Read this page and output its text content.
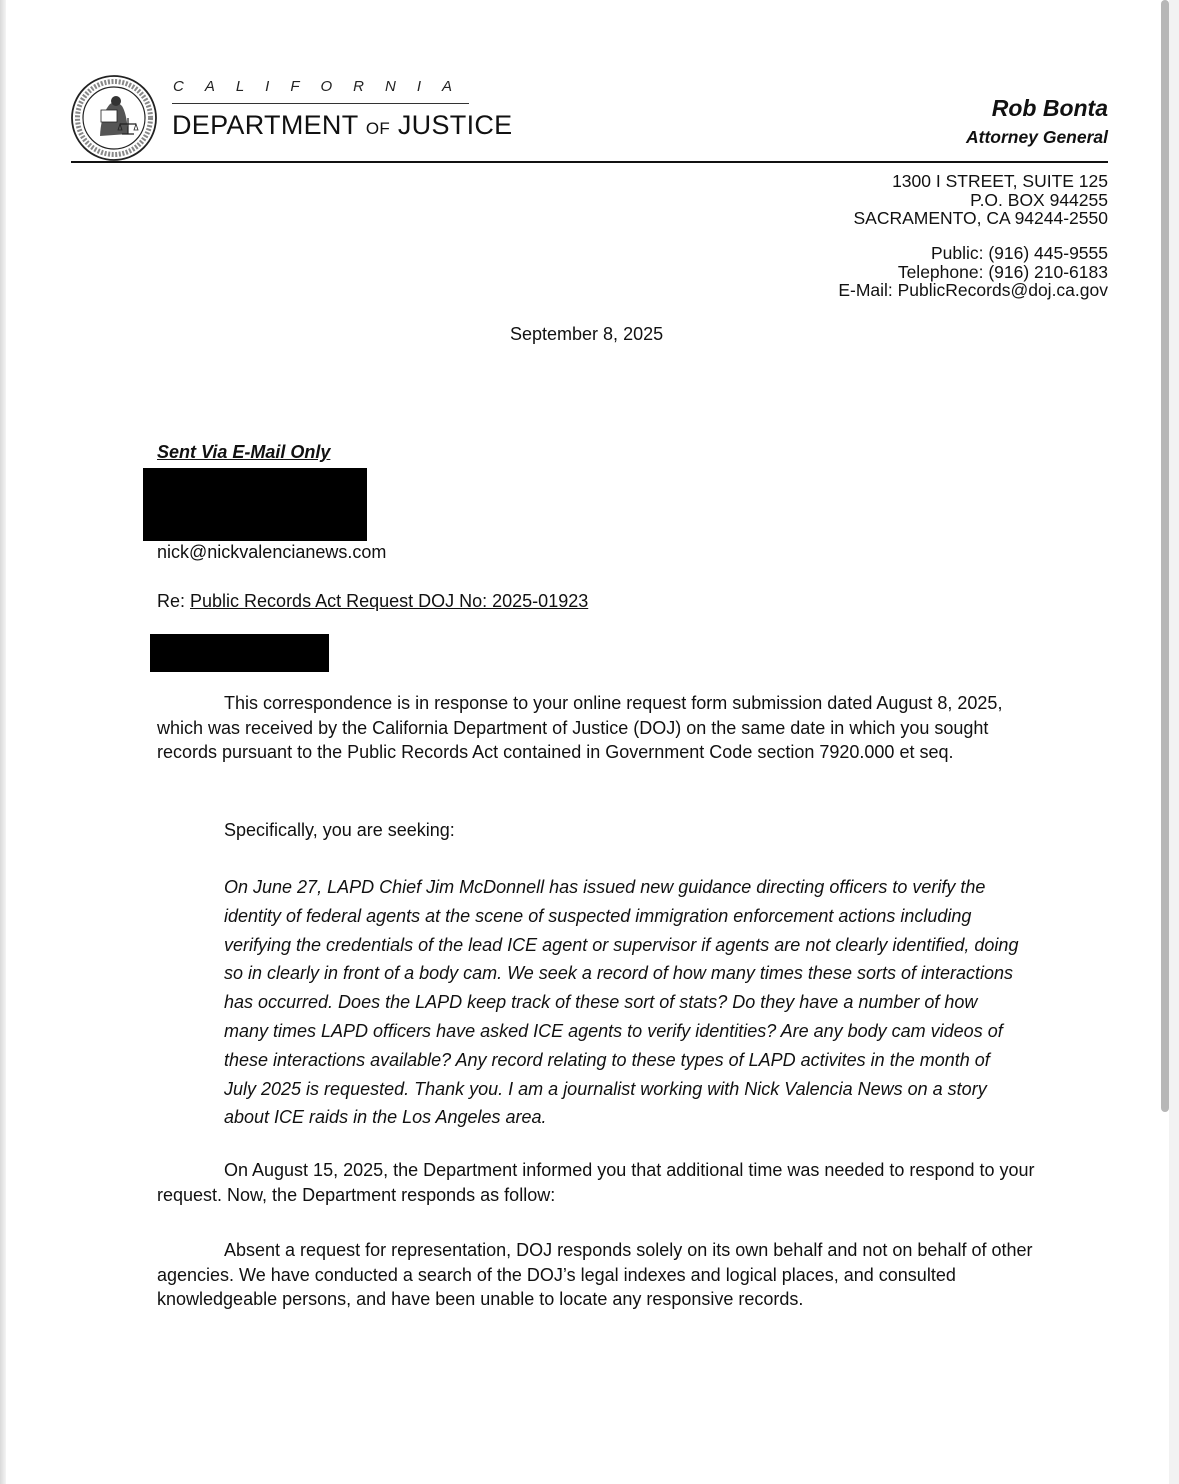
CALIFORNIA
DEPARTMENT OF JUSTICE
Rob Bonta
Attorney General
1300 I STREET, SUITE 125
P.O. BOX 944255
SACRAMENTO, CA 94244-2550
Public: (916) 445-9555
Telephone: (916) 210-6183
E-Mail: PublicRecords@doj.ca.gov
September 8, 2025
Sent Via E-Mail Only
nick@nickvalencianews.com
Re: Public Records Act Request DOJ No: 2025-01923
This correspondence is in response to your online request form submission dated August 8, 2025, which was received by the California Department of Justice (DOJ) on the same date in which you sought records pursuant to the Public Records Act contained in Government Code section 7920.000 et seq.
Specifically, you are seeking:
On June 27, LAPD Chief Jim McDonnell has issued new guidance directing officers to verify the identity of federal agents at the scene of suspected immigration enforcement actions including verifying the credentials of the lead ICE agent or supervisor if agents are not clearly identified, doing so in clearly in front of a body cam. We seek a record of how many times these sorts of interactions has occurred. Does the LAPD keep track of these sort of stats? Do they have a number of how many times LAPD officers have asked ICE agents to verify identities? Are any body cam videos of these interactions available? Any record relating to these types of LAPD activites in the month of July 2025 is requested. Thank you. I am a journalist working with Nick Valencia News on a story about ICE raids in the Los Angeles area.
On August 15, 2025, the Department informed you that additional time was needed to respond to your request. Now, the Department responds as follow:
Absent a request for representation, DOJ responds solely on its own behalf and not on behalf of other agencies. We have conducted a search of the DOJ’s legal indexes and logical places, and consulted knowledgeable persons, and have been unable to locate any responsive records.
